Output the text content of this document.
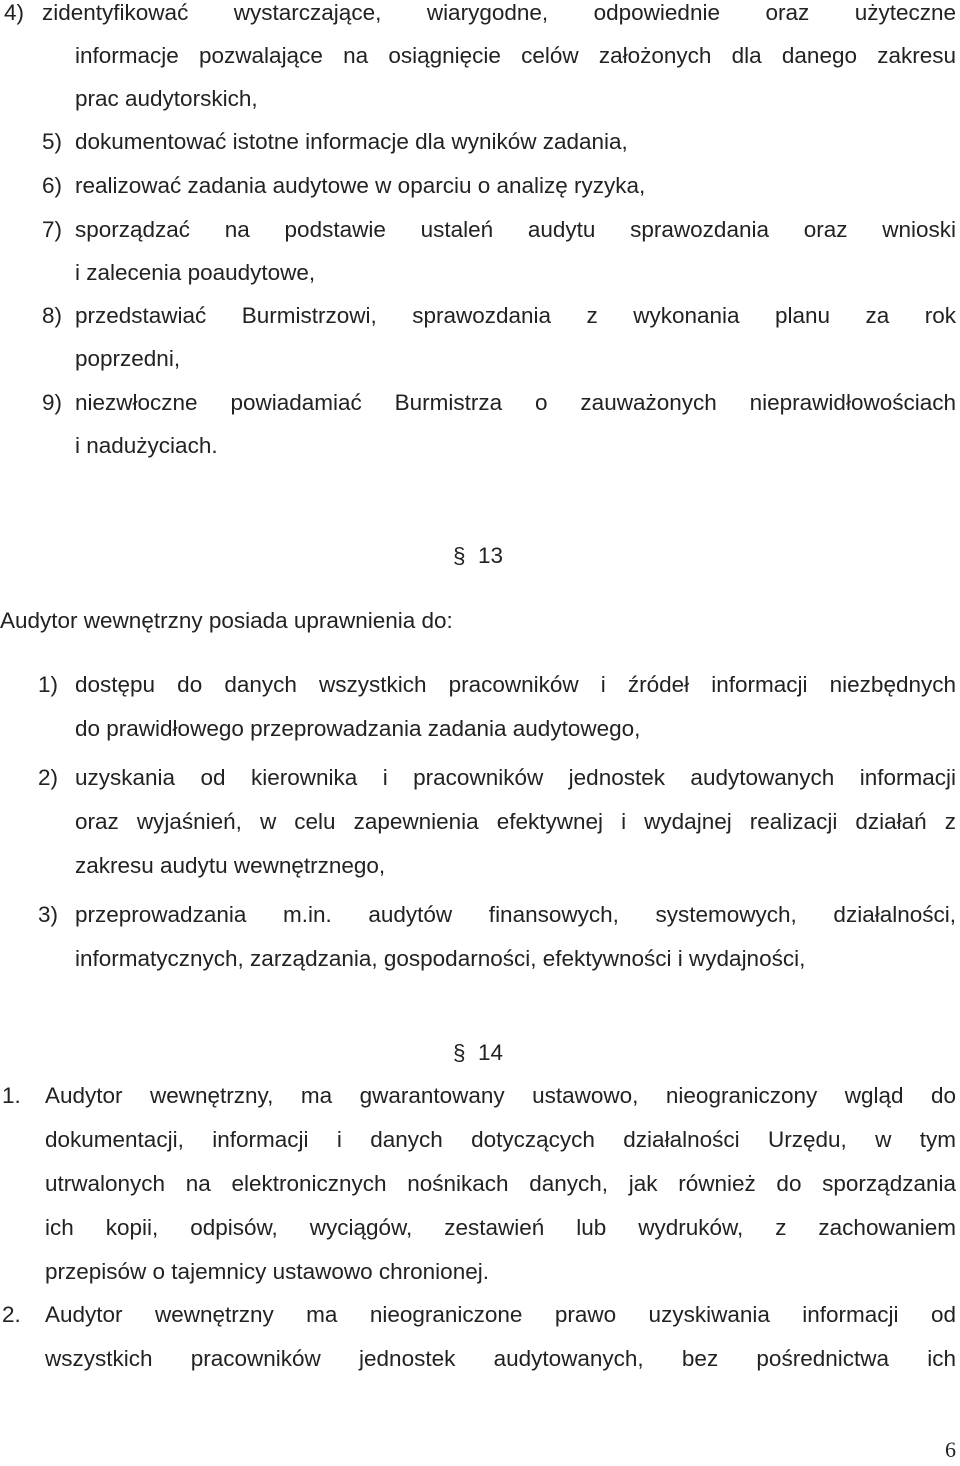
4) zidentyfikować wystarczające, wiarygodne, odpowiednie oraz użyteczne
informacje pozwalające na osiągnięcie celów założonych dla danego zakresu
prac audytorskich,
5) dokumentować istotne informacje dla wyników zadania,
6) realizować zadania audytowe w oparciu o analizę ryzyka,
7) sporządzać na podstawie ustaleń audytu sprawozdania oraz wnioski
i zalecenia poaudytowe,
8) przedstawiać Burmistrzowi, sprawozdania z wykonania planu za rok
poprzedni,
9) niezwłoczne powiadamiać Burmistrza o zauważonych nieprawidłowościach
i nadużyciach.
§ 13
Audytor wewnętrzny posiada uprawnienia do:
1) dostępu do danych wszystkich pracowników i źródeł informacji niezbędnych
do prawidłowego przeprowadzania zadania audytowego,
2) uzyskania od kierownika i pracowników jednostek audytowanych informacji
oraz wyjaśnień, w celu zapewnienia efektywnej i wydajnej realizacji działań z
zakresu audytu wewnętrznego,
3) przeprowadzania m.in. audytów finansowych, systemowych, działalności,
informatycznych, zarządzania, gospodarności, efektywności i wydajności,
§ 14
1. Audytor wewnętrzny, ma gwarantowany ustawowo, nieograniczony wgląd do
dokumentacji, informacji i danych dotyczących działalności Urzędu, w tym
utrwalonych na elektronicznych nośnikach danych, jak również do sporządzania
ich kopii, odpisów, wyciągów, zestawień lub wydruków, z zachowaniem
przepisów o tajemnicy ustawowo chronionej.
2. Audytor wewnętrzny ma nieograniczone prawo uzyskiwania informacji od
wszystkich pracowników jednostek audytowanych, bez pośrednictwa ich
6
